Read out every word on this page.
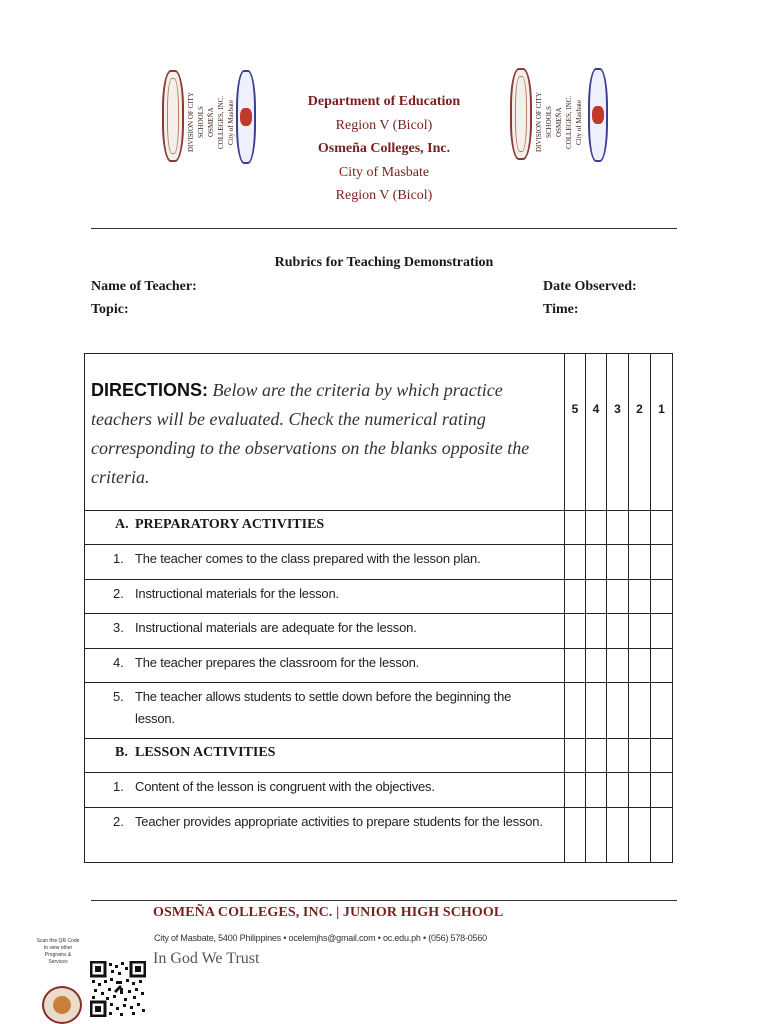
DIVISION OF CITY SCHOOLS OSMEÑA COLLEGES, INC. City of Masbate	Department of Education
Region V (Bicol)
Osmeña Colleges, Inc.
City of Masbate
Region V (Bicol)
DIVISION OF CITY SCHOOLS OSMEÑA COLLEGES, INC. City of Masbate
Rubrics for Teaching Demonstration
Name of Teacher:	Date Observed:
Topic:	Time:
DIRECTIONS: Below are the criteria by which practice teachers will be evaluated. Check the numerical rating corresponding to the observations on the blanks opposite the criteria.	5	4	3	2	1
A. PREPARATORY ACTIVITIES					
1. The teacher comes to the class prepared with the lesson plan.					
2. Instructional materials for the lesson.					
3. Instructional materials are adequate for the lesson.					
4. The teacher prepares the classroom for the lesson.					
5. The teacher allows students to settle down before the beginning the lesson.					
B. LESSON ACTIVITIES					
1. Content of the lesson is congruent with the objectives.					
2. Teacher provides appropriate activities to prepare students for the lesson.					
OSMEÑA COLLEGES, INC. | JUNIOR HIGH SCHOOL
City of Masbate, 5400 Philippines • ocelemjhs@gmail.com • oc.edu.ph • (056) 578-0560
In God We Trust
Scan this QR Code to view other Programs & Services
